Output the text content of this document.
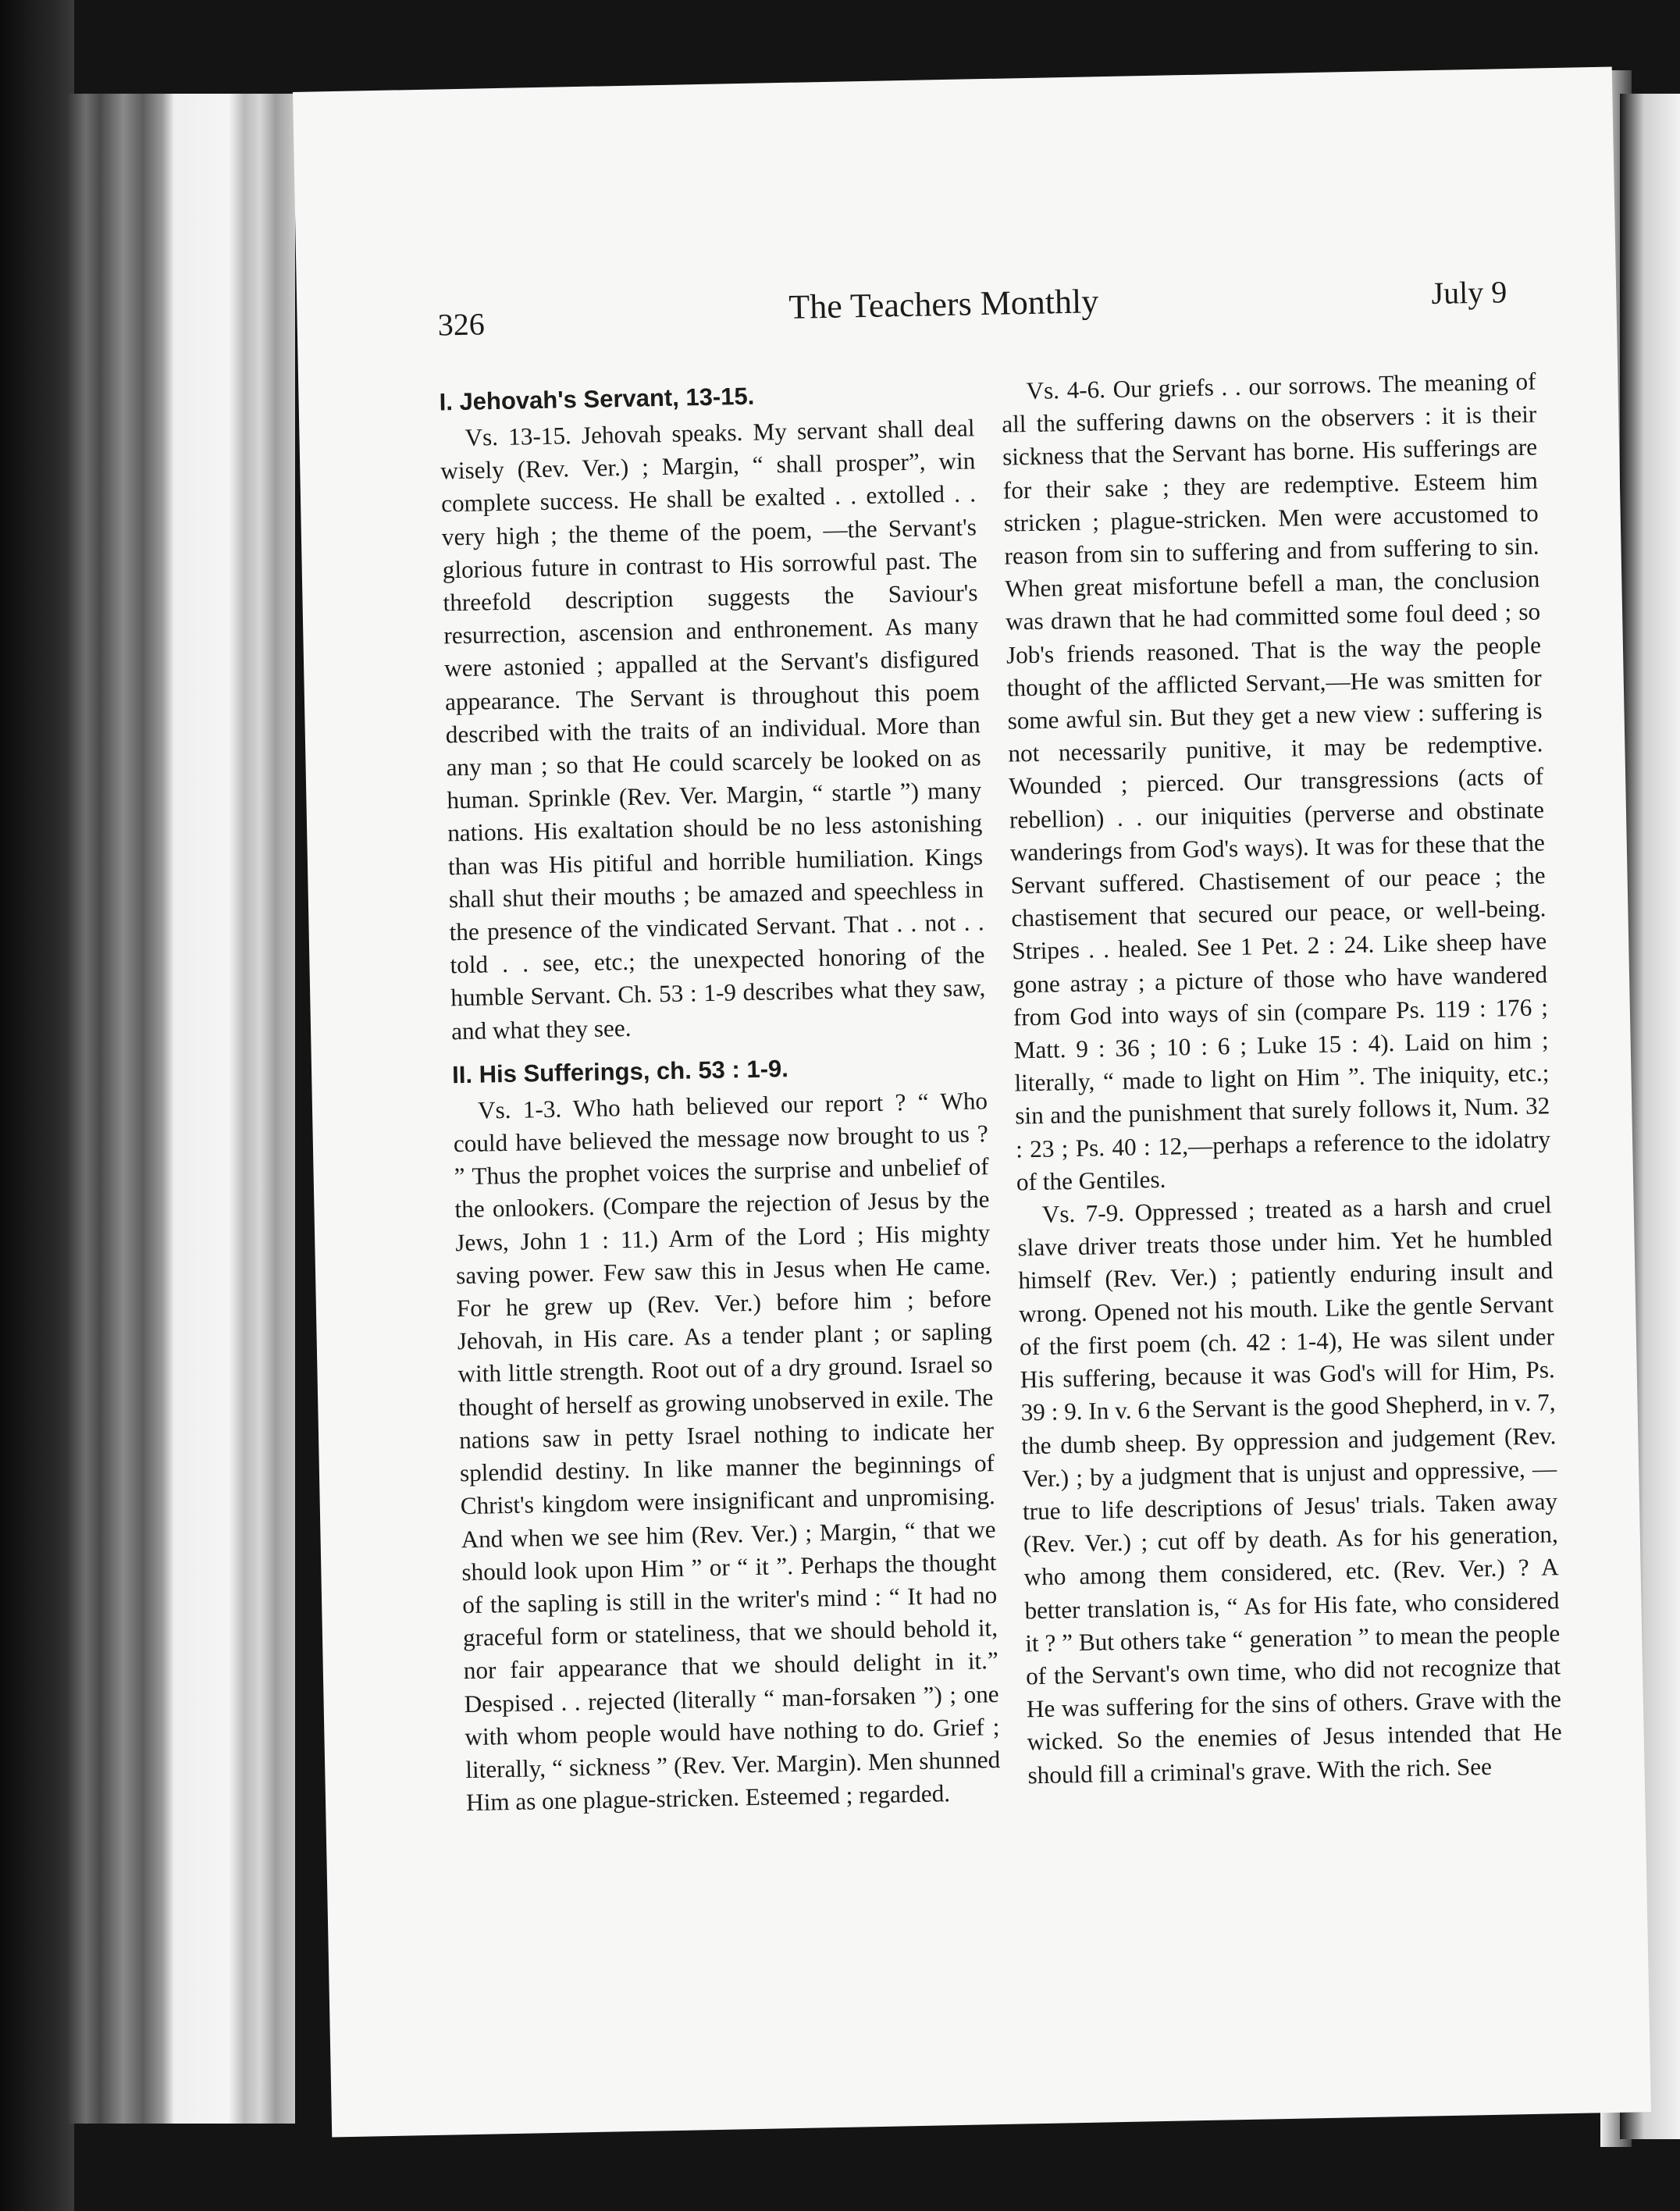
326	The Teachers Monthly	July 9
I. Jehovah's Servant, 13-15.

Vs. 13-15. Jehovah speaks. My servant shall deal wisely (Rev. Ver.) ; Margin, “ shall prosper”, win complete success. He shall be exalted . . extolled . . very high ; the theme of the poem, —the Servant's glorious future in contrast to His sorrowful past. The threefold description suggests the Saviour's resurrection, ascension and enthronement. As many were astonied ; appalled at the Servant's disfigured appearance. The Servant is throughout this poem described with the traits of an individual. More than any man ; so that He could scarcely be looked on as human. Sprinkle (Rev. Ver. Margin, “ startle ”) many nations. His exaltation should be no less astonishing than was His pitiful and horrible humiliation. Kings shall shut their mouths ; be amazed and speechless in the presence of the vindicated Servant. That . . not . . told . . see, etc.; the unexpected honoring of the humble Servant. Ch. 53 : 1-9 describes what they saw, and what they see.

II. His Sufferings, ch. 53 : 1-9.

Vs. 1-3. Who hath believed our report ? “ Who could have believed the message now brought to us ? ” Thus the prophet voices the surprise and unbelief of the onlookers. (Compare the rejection of Jesus by the Jews, John 1 : 11.) Arm of the Lord ; His mighty saving power. Few saw this in Jesus when He came. For he grew up (Rev. Ver.) before him ; before Jehovah, in His care. As a tender plant ; or sapling with little strength. Root out of a dry ground. Israel so thought of herself as growing unobserved in exile. The nations saw in petty Israel nothing to indicate her splendid destiny. In like manner the beginnings of Christ's kingdom were insignificant and unpromising. And when we see him (Rev. Ver.) ; Margin, “ that we should look upon Him ” or “ it ”. Perhaps the thought of the sapling is still in the writer's mind : “ It had no graceful form or stateliness, that we should behold it, nor fair appearance that we should delight in it.” Despised . . rejected (literally “ man-forsaken ”) ; one with whom people would have nothing to do. Grief ; literally, “ sickness ” (Rev. Ver. Margin). Men shunned Him as one plague-stricken. Esteemed ; regarded.

Vs. 4-6. Our griefs . . our sorrows. The meaning of all the suffering dawns on the observers : it is their sickness that the Servant has borne. His sufferings are for their sake ; they are redemptive. Esteem him stricken ; plague-stricken. Men were accustomed to reason from sin to suffering and from suffering to sin. When great misfortune befell a man, the conclusion was drawn that he had committed some foul deed ; so Job's friends reasoned. That is the way the people thought of the afflicted Servant,—He was smitten for some awful sin. But they get a new view : suffering is not necessarily punitive, it may be redemptive. Wounded ; pierced. Our transgressions (acts of rebellion) . . our iniquities (perverse and obstinate wanderings from God's ways). It was for these that the Servant suffered. Chastisement of our peace ; the chastisement that secured our peace, or well-being. Stripes . . healed. See 1 Pet. 2 : 24. Like sheep have gone astray ; a picture of those who have wandered from God into ways of sin (compare Ps. 119 : 176 ; Matt. 9 : 36 ; 10 : 6 ; Luke 15 : 4). Laid on him ; literally, “ made to light on Him ”. The iniquity, etc.; sin and the punishment that surely follows it, Num. 32 : 23 ; Ps. 40 : 12,—perhaps a reference to the idolatry of the Gentiles.

Vs. 7-9. Oppressed ; treated as a harsh and cruel slave driver treats those under him. Yet he humbled himself (Rev. Ver.) ; patiently enduring insult and wrong. Opened not his mouth. Like the gentle Servant of the first poem (ch. 42 : 1-4), He was silent under His suffering, because it was God's will for Him, Ps. 39 : 9. In v. 6 the Servant is the good Shepherd, in v. 7, the dumb sheep. By oppression and judgement (Rev. Ver.) ; by a judgment that is unjust and oppressive, —true to life descriptions of Jesus' trials. Taken away (Rev. Ver.) ; cut off by death. As for his generation, who among them considered, etc. (Rev. Ver.) ? A better translation is, “ As for His fate, who considered it ? ” But others take “ generation ” to mean the people of the Servant's own time, who did not recognize that He was suffering for the sins of others. Grave with the wicked. So the enemies of Jesus intended that He should fill a criminal's grave. With the rich. See
